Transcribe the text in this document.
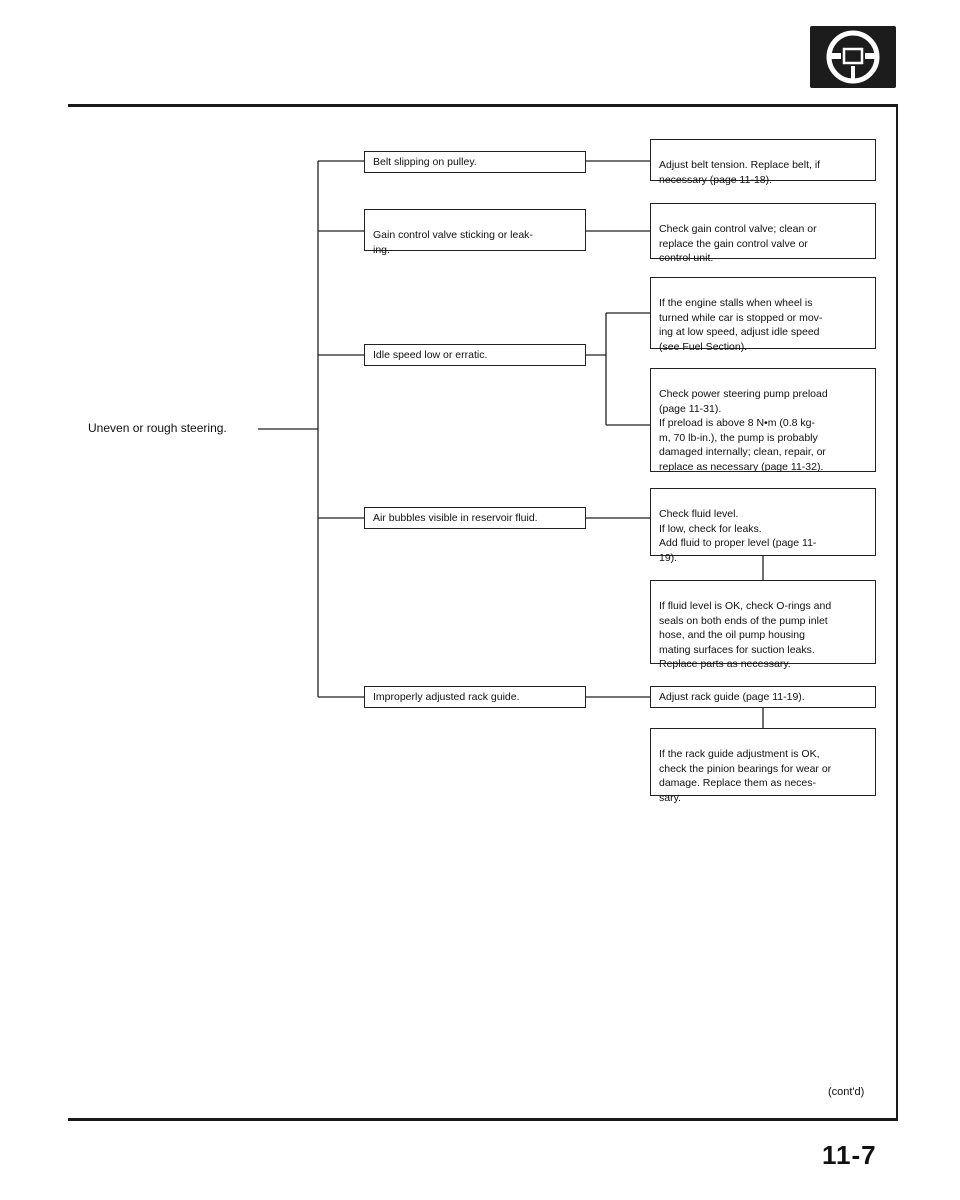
Uneven or rough steering.
Belt slipping on pulley.

Gain control valve sticking or leak-
ing.

Idle speed low or erratic.
Air bubbles visible in reservoir fluid.
Improperly adjusted rack guide.

Adjust belt tension. Replace belt, if
necessary (page 11-18).

Check gain control valve; clean or
replace the gain control valve or
control unit.

If the engine stalls when wheel is
turned while car is stopped or mov-
ing at low speed, adjust idle speed
(see Fuel Section).

Check power steering pump preload
(page 11-31).
If preload is above 8 N•m (0.8 kg-
m, 70 lb-in.), the pump is probably
damaged internally; clean, repair, or
replace as necessary (page 11-32).

Check fluid level.
If low, check for leaks.
Add fluid to proper level (page 11-
19).

If fluid level is OK, check O-rings and
seals on both ends of the pump inlet
hose, and the oil pump housing
mating surfaces for suction leaks.
Replace parts as necessary.

Adjust rack guide (page 11-19).

If the rack guide adjustment is OK,
check the pinion bearings for wear or
damage. Replace them as neces-
sary.

(cont'd)
11-7
